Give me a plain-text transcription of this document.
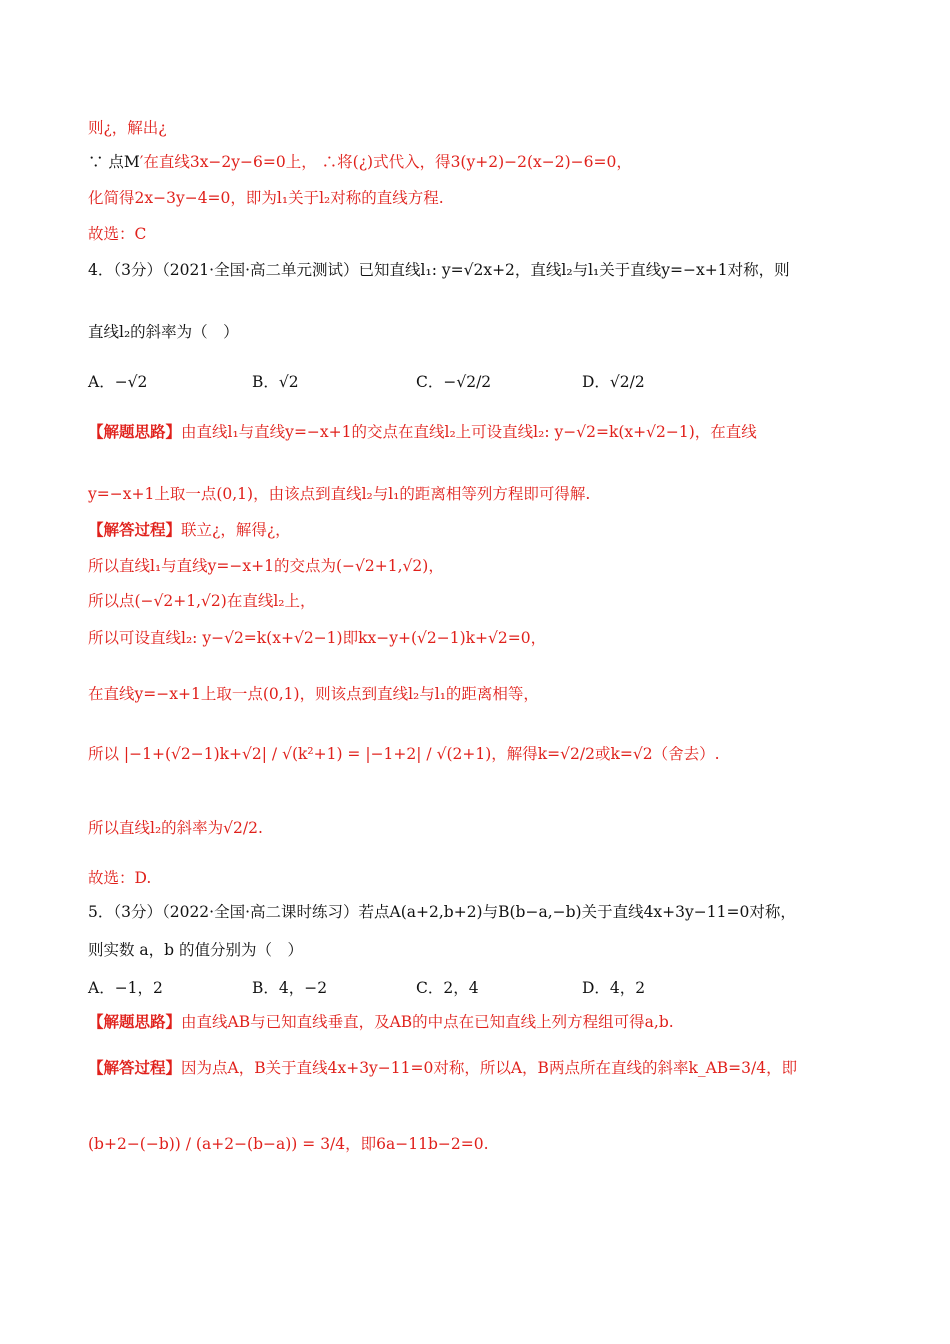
则¿，解出¿
∵ 点M′在直线3x−2y−6=0上， ∴将(¿)式代入，得3(y+2)−2(x−2)−6=0，
化简得2x−3y−4=0，即为l₁关于l₂对称的直线方程.
故选：C
4．（3分）（2021·全国·高二单元测试）已知直线l₁: y=√2x+2，直线l₂与l₁关于直线y=−x+1对称，则
直线l₂的斜率为（　）
A．−√2	B．√2	C．−√2/2	D．√2/2
【解题思路】由直线l₁与直线y=−x+1的交点在直线l₂上可设直线l₂: y−√2=k(x+√2−1)，在直线
y=−x+1上取一点(0,1)，由该点到直线l₂与l₁的距离相等列方程即可得解.
【解答过程】联立¿，解得¿，
所以直线l₁与直线y=−x+1的交点为(−√2+1,√2)，
所以点(−√2+1,√2)在直线l₂上，
所以可设直线l₂: y−√2=k(x+√2−1)即kx−y+(√2−1)k+√2=0，
在直线y=−x+1上取一点(0,1)，则该点到直线l₂与l₁的距离相等，
所以 |−1+(√2−1)k+√2| / √(k²+1) = |−1+2| / √(2+1)，解得k=√2/2或k=√2（舍去）.
所以直线l₂的斜率为√2/2.
故选：D.
5．（3分）（2022·全国·高二课时练习）若点A(a+2,b+2)与B(b−a,−b)关于直线4x+3y−11=0对称，
则实数 a，b 的值分别为（　）
A．−1，2	B．4，−2	C．2，4	D．4，2
【解题思路】由直线AB与已知直线垂直，及AB的中点在已知直线上列方程组可得a,b.
【解答过程】因为点A，B关于直线4x+3y−11=0对称，所以A，B两点所在直线的斜率k_AB=3/4，即
(b+2−(−b)) / (a+2−(b−a)) = 3/4，即6a−11b−2=0.
